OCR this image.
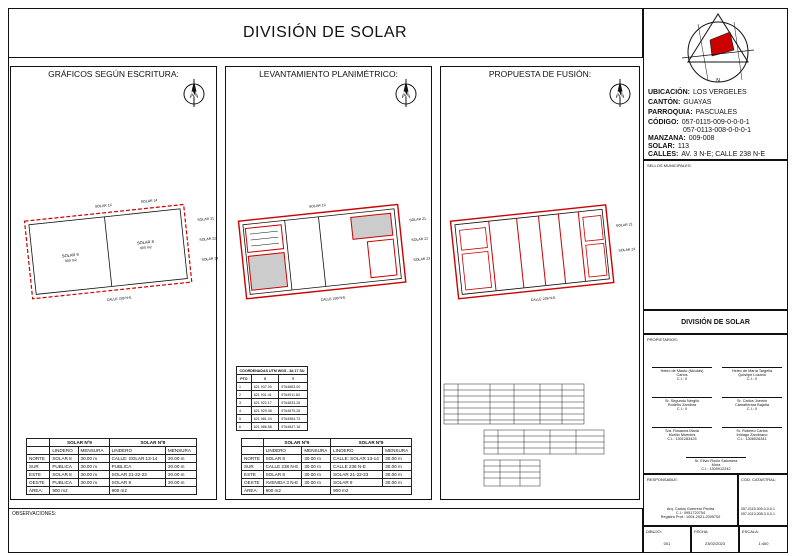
DIVISIÓN DE SOLAR
GRÁFICOS SEGÚN ESCRITURA:	LEVANTAMIENTO PLANIMÉTRICO:	PROPUESTA DE FUSIÓN:
OBSERVACIONES:
N	N	N
SOLAR 9
900 m2
SOLAR 8
900 m2
SOLAR 13
SOLAR 14
CALLE 238 N-E
SOLAR 21
SOLAR 22
SOLAR 23
SOLAR 13
CALLE 238 N-E
SOLAR 21
SOLAR 22
SOLAR 23
CALLE 238 N-E
SOLAR 21
SOLAR 23
COORDENADAS UTM WGS - 84 17 SU		
PTO	X	Y
1	621 937.00	9764863.00
2	621 931.41	9764911.84
3	621 922.17	9764833.26
4	621 929.08	9764875.26
5	621 981.04	9764984.73
6	621 986.58	9764847.18
	SOLAR Nº9		SOLAR Nº8	
	LINDERO	MENSURA	LINDERO	MENSURA
NORTE	SOLAR 8	30.00 m	CALLE: SOLAR 13-14	30.00 m
SUR	PUBLICA	30.00 m	PUBLICA	30.00 m
ESTE	SOLAR 8	30.00 m	SOLAR 21-22-23	30.00 m
OESTE	PUBLICA	30.00 m	SOLAR 9	30.00 m
ÁREA:	900 m2		900 m2	
	SOLAR Nº9		SOLAR Nº8	
	LINDERO	MENSURA	LINDERO	MENSURA
NORTE	SOLAR 8	30.00 m	CALLE: SOLAR 13-14	30.00 m
SUR	CALLE 238 N-E	30.00 m	CALLE 238 N-E	30.00 m
ESTE	SOLAR 8	30.00 m	SOLAR 21-22-23	30.00 m
OESTE	AVENIDA 3 N-E	30.00 m	SOLAR 9	30.00 m
ÁREA:	900 m2		900 m2	
N
UBICACIÓN: LOS VERGELES
CANTÓN: GUAYAS
PARROQUIA: PASCUALES
CÓDIGO: 057-0115-009-0-0-0-1
057-0113-008-0-0-0-1
MANZANA: 009-008
SOLAR: 113
CALLES: AV. 3 N-E; CALLE 238 N-E
SELLOS MUNICIPALES:
DIVISIÓN DE SOLAR
PROPIETARIOS:
Heleo de Mauto (Nicolás)
Carlos
C.I.: 0
Heleo de María Targelia
Quishpe Lozano
C.I.: 0
Sr. Segundo Nerglio
Rodeño Zambira
C.I.: 0
Sr. Carlos Joemin
Camañerara Bajaña
C.I.: 0
Sra. Rosanna Maria
Murillo Muentes
C.I.: 1301283425
Sr. Roberto Carlos
Intriago Zambrano
C.I.: 1308026341
Sr. Elivio Rocio Salomera
Mora
C.I.: 1309912242
RESPONSABLE:
Arq. Carlos Guerrero Piedra
C.I.: 0951720754
Registro Prof.: 1004-2021-2005700
COD. CATASTRAL:
057-0115-009-0-0-0-1
057-0113-008-0-0-0-1
DIBUJO:
001
FECHA:
23/02/2023
ESCALA:
1:400
